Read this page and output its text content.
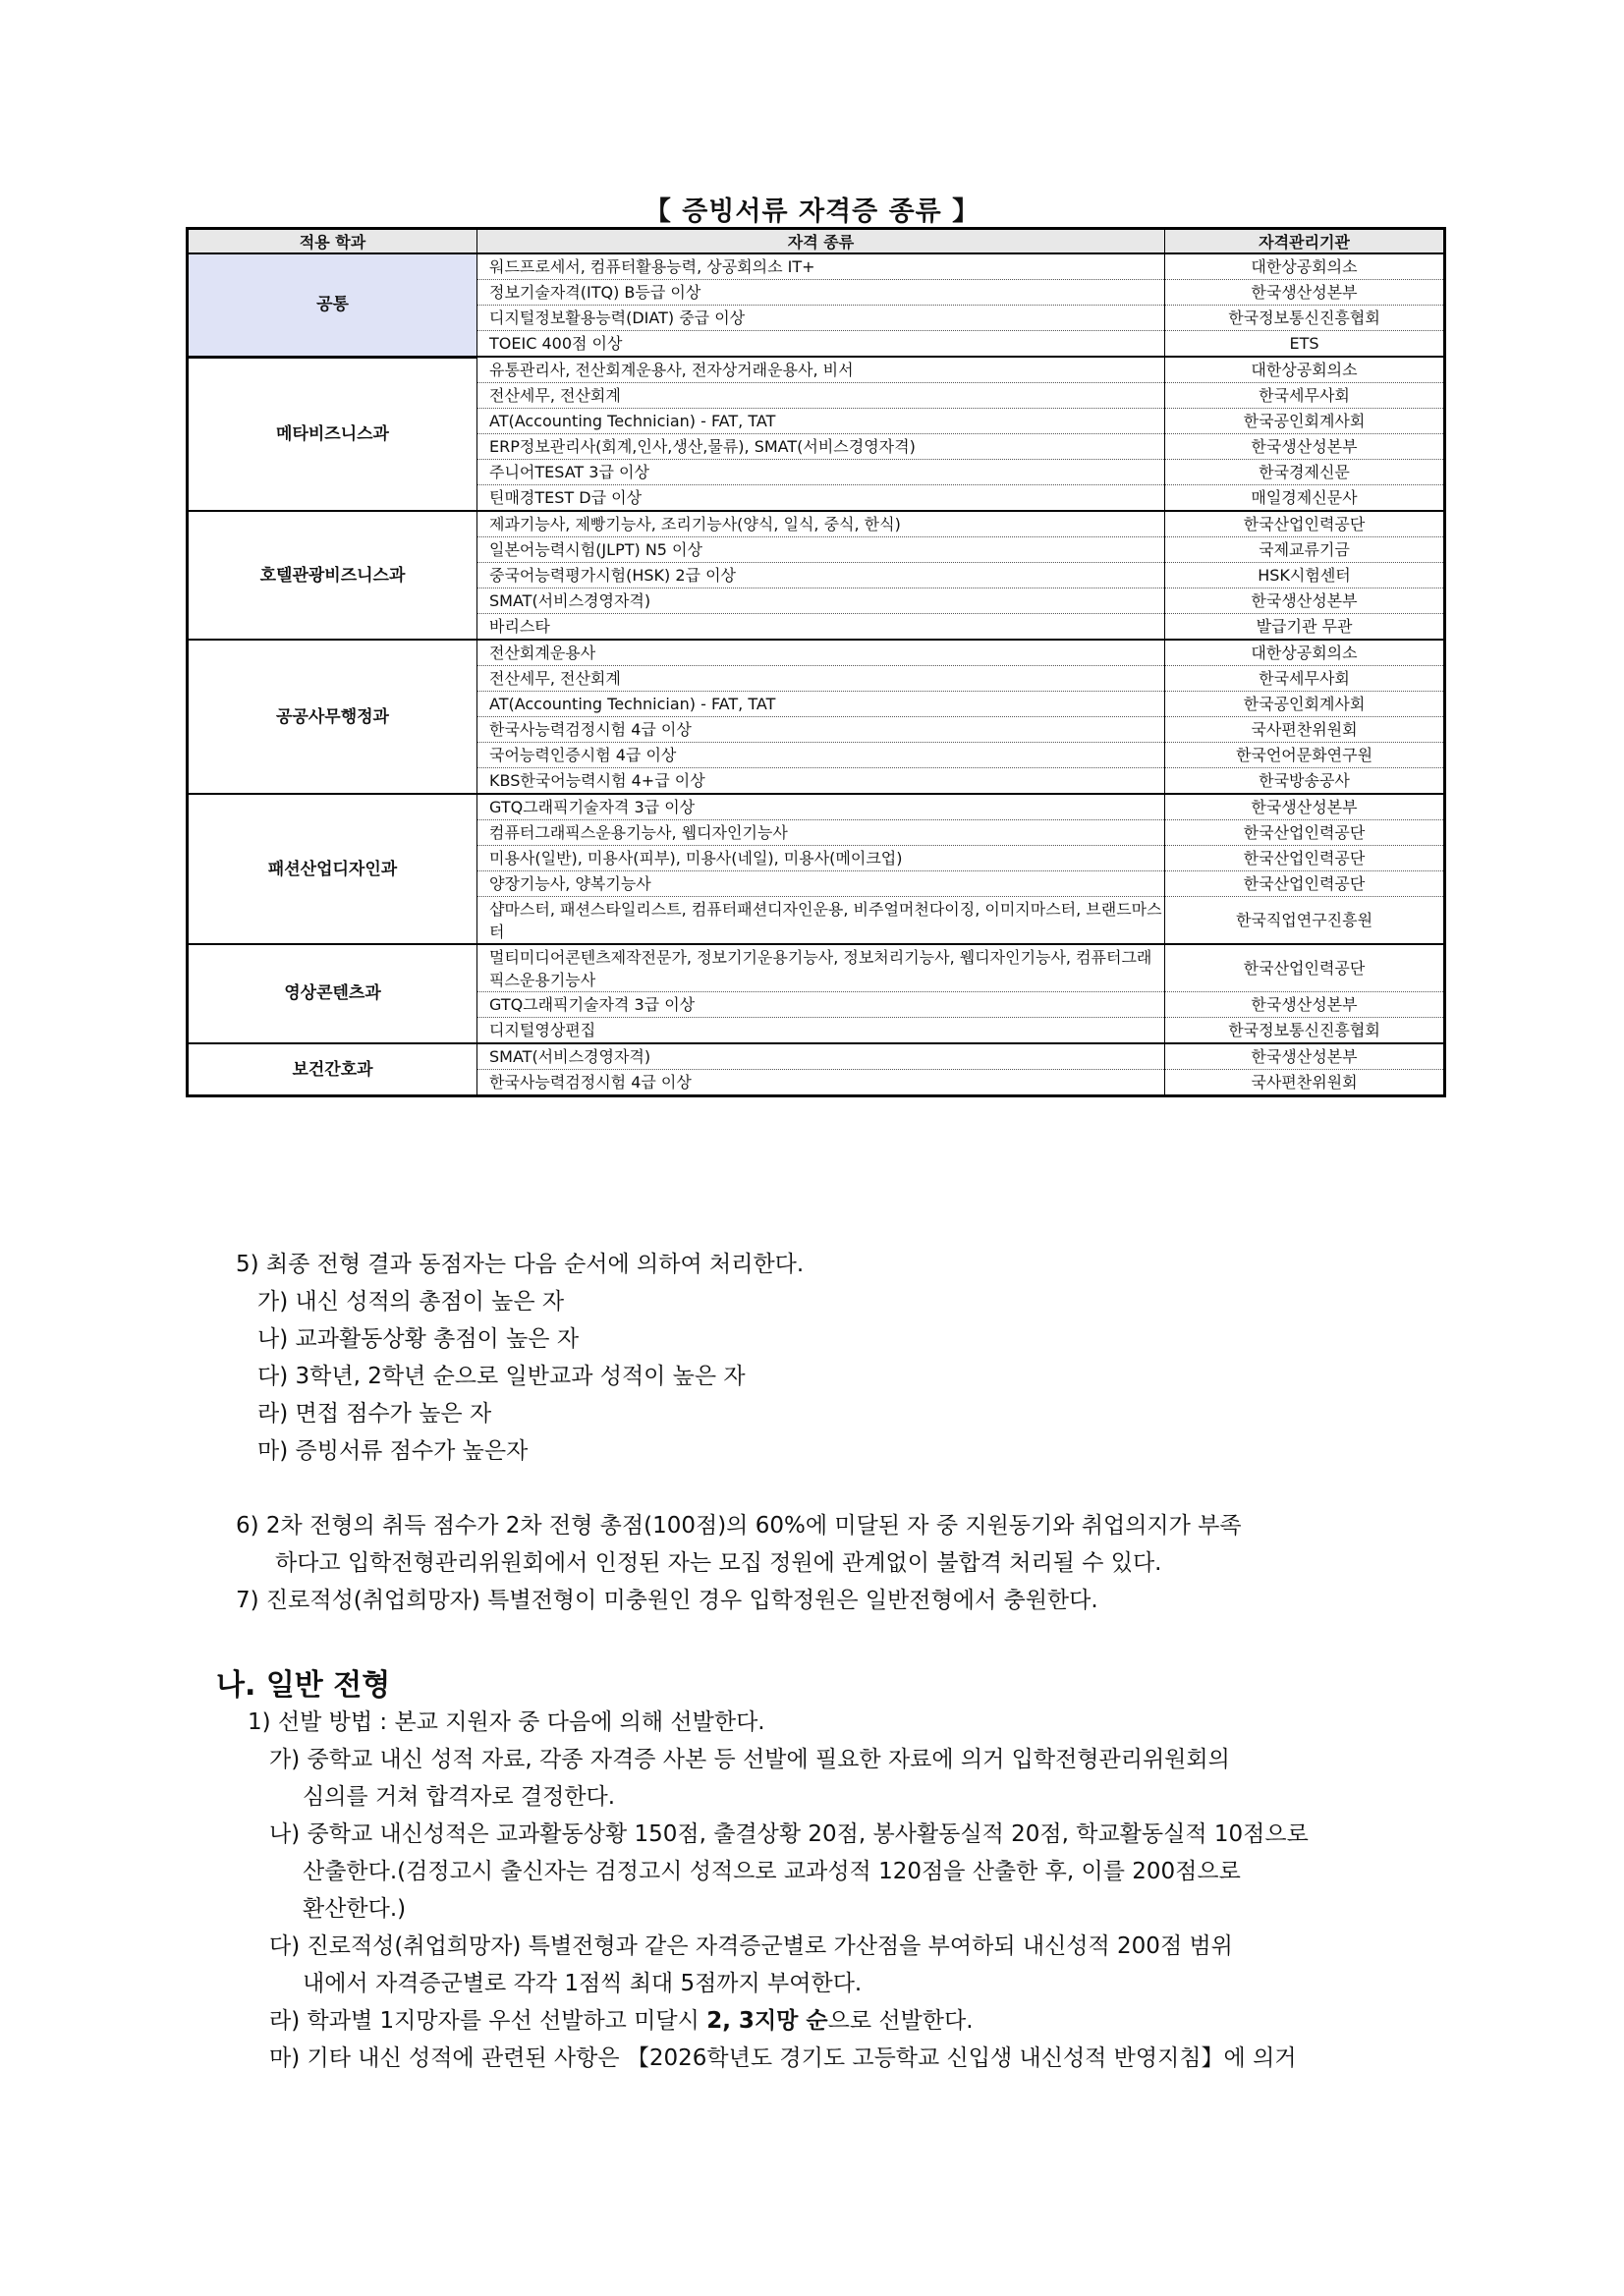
【 증빙서류 자격증 종류 】
적용 학과	자격 종류	자격관리기관
공통	워드프로세서, 컴퓨터활용능력, 상공회의소 IT+	대한상공회의소
	정보기술자격(ITQ) B등급 이상	한국생산성본부
	디지털정보활용능력(DIAT) 중급 이상	한국정보통신진흥협회
	TOEIC 400점 이상	ETS
메타비즈니스과	유통관리사, 전산회계운용사, 전자상거래운용사, 비서	대한상공회의소
	전산세무, 전산회계	한국세무사회
	AT(Accounting Technician) - FAT, TAT	한국공인회계사회
	ERP정보관리사(회계,인사,생산,물류), SMAT(서비스경영자격)	한국생산성본부
	주니어TESAT 3급 이상	한국경제신문
	틴매경TEST D급 이상	매일경제신문사
호텔관광비즈니스과	제과기능사, 제빵기능사, 조리기능사(양식, 일식, 중식, 한식)	한국산업인력공단
	일본어능력시험(JLPT) N5 이상	국제교류기금
	중국어능력평가시험(HSK) 2급 이상	HSK시험센터
	SMAT(서비스경영자격)	한국생산성본부
	바리스타	발급기관 무관
공공사무행정과	전산회계운용사	대한상공회의소
	전산세무, 전산회계	한국세무사회
	AT(Accounting Technician) - FAT, TAT	한국공인회계사회
	한국사능력검정시험 4급 이상	국사편찬위원회
	국어능력인증시험 4급 이상	한국언어문화연구원
	KBS한국어능력시험 4+급 이상	한국방송공사
패션산업디자인과	GTQ그래픽기술자격 3급 이상	한국생산성본부
	컴퓨터그래픽스운용기능사, 웹디자인기능사	한국산업인력공단
	미용사(일반), 미용사(피부), 미용사(네일), 미용사(메이크업)	한국산업인력공단
	양장기능사, 양복기능사	한국산업인력공단
	샵마스터, 패션스타일리스트, 컴퓨터패션디자인운용, 비주얼머천다이징, 이미지마스터, 브랜드마스터	한국직업연구진흥원
영상콘텐츠과	멀티미디어콘텐츠제작전문가, 정보기기운용기능사, 정보처리기능사, 웹디자인기능사, 컴퓨터그래픽스운용기능사	한국산업인력공단
	GTQ그래픽기술자격 3급 이상	한국생산성본부
	디지털영상편집	한국정보통신진흥협회
보건간호과	SMAT(서비스경영자격)	한국생산성본부
	한국사능력검정시험 4급 이상	국사편찬위원회
5) 최종 전형 결과 동점자는 다음 순서에 의하여 처리한다.
가) 내신 성적의 총점이 높은 자
나) 교과활동상황 총점이 높은 자
다) 3학년, 2학년 순으로 일반교과 성적이 높은 자
라) 면접 점수가 높은 자
마) 증빙서류 점수가 높은자
6) 2차 전형의 취득 점수가 2차 전형 총점(100점)의 60%에 미달된 자 중 지원동기와 취업의지가 부족
하다고 입학전형관리위원회에서 인정된 자는 모집 정원에 관계없이 불합격 처리될 수 있다.
7) 진로적성(취업희망자) 특별전형이 미충원인 경우 입학정원은 일반전형에서 충원한다.
나. 일반 전형
1) 선발 방법 : 본교 지원자 중 다음에 의해 선발한다.
가) 중학교 내신 성적 자료, 각종 자격증 사본 등 선발에 필요한 자료에 의거 입학전형관리위원회의
심의를 거쳐 합격자로 결정한다.
나) 중학교 내신성적은 교과활동상황 150점, 출결상황 20점, 봉사활동실적 20점, 학교활동실적 10점으로
산출한다.(검정고시 출신자는 검정고시 성적으로 교과성적 120점을 산출한 후, 이를 200점으로
환산한다.)
다) 진로적성(취업희망자) 특별전형과 같은 자격증군별로 가산점을 부여하되 내신성적 200점 범위
내에서 자격증군별로 각각 1점씩 최대 5점까지 부여한다.
라) 학과별 1지망자를 우선 선발하고 미달시 2, 3지망 순으로 선발한다.
마) 기타 내신 성적에 관련된 사항은 【2026학년도 경기도 고등학교 신입생 내신성적 반영지침】에 의거
